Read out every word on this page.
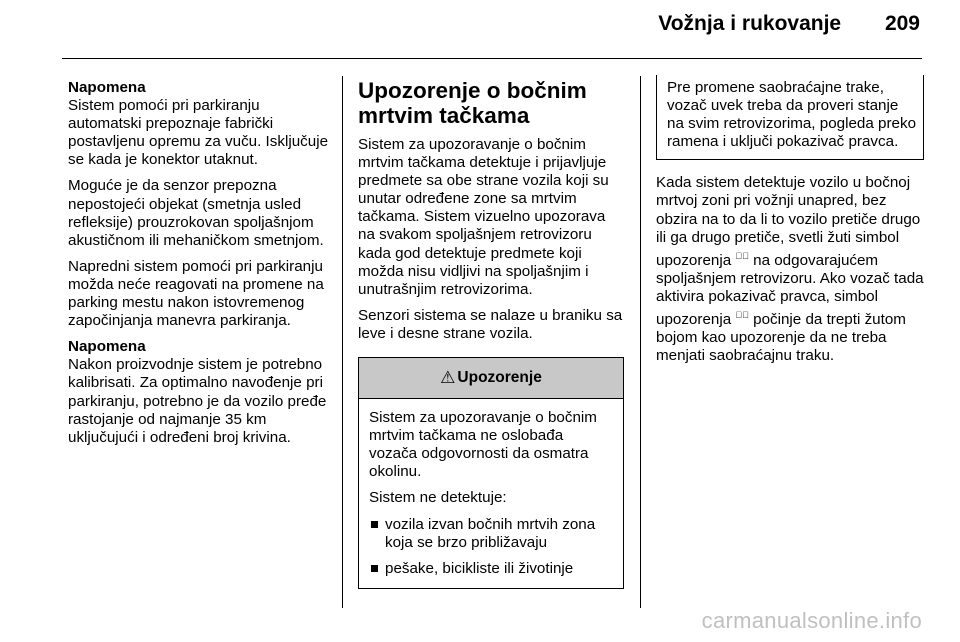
Vožnja i rukovanje 209

Napomena
Sistem pomoći pri parkiranju automatski prepoznaje fabrički postavljenu opremu za vuču. Isključuje se kada je konektor utaknut.

Moguće je da senzor prepozna nepostojeći objekat (smetnja usled refleksije) prouzrokovan spoljašnjom akustičnom ili mehaničkom smetnjom.

Napredni sistem pomoći pri parkiranju možda neće reagovati na promene na parking mestu nakon istovremenog započinjanja manevra parkiranja.

Napomena
Nakon proizvodnje sistem je potrebno kalibrisati. Za optimalno navođenje pri parkiranju, potrebno je da vozilo pređe rastojanje od najmanje 35 km uključujući i određeni broj krivina.

Upozorenje o bočnim mrtvim tačkama

Sistem za upozoravanje o bočnim mrtvim tačkama detektuje i prijavljuje predmete sa obe strane vozila koji su unutar određene zone sa mrtvim tačkama. Sistem vizuelno upozorava na svakom spoljašnjem retrovizoru kada god detektuje predmete koji možda nisu vidljivi na spoljašnjim i unutrašnjim retrovizorima.

Senzori sistema se nalaze u braniku sa leve i desne strane vozila.

⚠ Upozorenje

Sistem za upozoravanje o bočnim mrtvim tačkama ne oslobađa vozača odgovornosti da osmatra okolinu.

Sistem ne detektuje:

vozila izvan bočnih mrtvih zona koja se brzo približavaju
pešake, bicikliste ili životinje
Pre promene saobraćajne trake, vozač uvek treba da proveri stanje na svim retrovizorima, pogleda preko ramena i uključi pokazivač pravca.

Kada sistem detektuje vozilo u bočnoj mrtvoj zoni pri vožnji unapred, bez obzira na to da li to vozilo pretiče drugo ili ga drugo pretiče, svetli žuti simbol upozorenja ⊿⃝ na odgovarajućem spoljašnjem retrovizoru. Ako vozač tada aktivira pokazivač pravca, simbol upozorenja ⊿⃝ počinje da trepti žutom bojom kao upozorenje da ne treba menjati saobraćajnu traku.

carmanualsonline.info
